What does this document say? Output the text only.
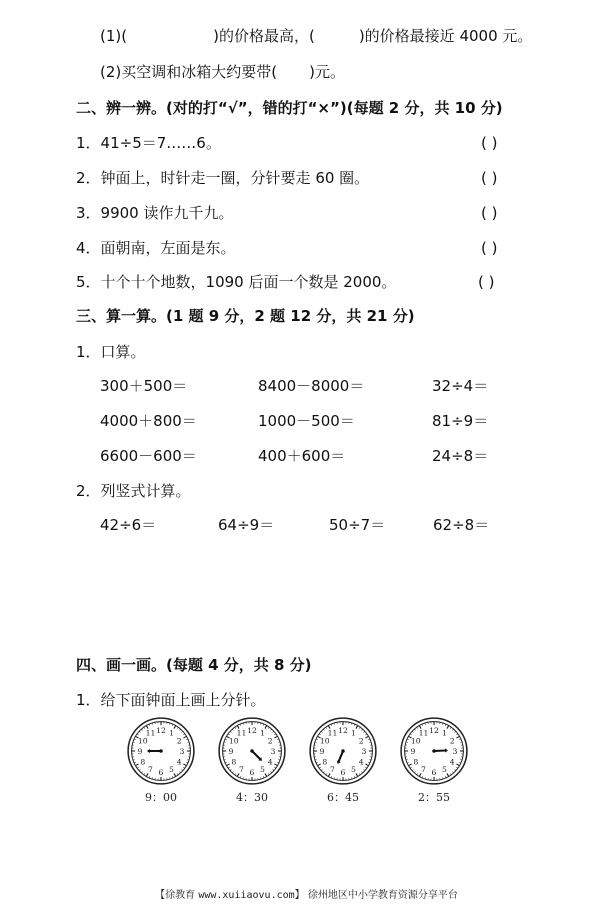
(1)(	)的价格最高，(	)的价格最接近 4000 元。
(2)买空调和冰箱大约要带( )元。
二、辨一辨。(对的打“√”，错的打“×”)(每题 2 分，共 10 分)
1．41÷5＝7……6。	( )
2．钟面上，时针走一圈，分针要走 60 圈。	( )
3．9900 读作九千九。	( )
4．面朝南，左面是东。	( )
5．十个十个地数，1090 后面一个数是 2000。	( )
三、算一算。(1 题 9 分，2 题 12 分，共 21 分)
1．口算。
300＋500＝	8400－8000＝	32÷4＝
4000＋800＝	1000－500＝	81÷9＝
6600－600＝	400＋600＝	24÷8＝
2．列竖式计算。
42÷6＝	64÷9＝	50÷7＝	62÷8＝
四、画一画。(每题 4 分，共 8 分)
1．给下面钟面上画上分针。
12 1
2
3
4
5
6
7
8
9
10
11	12 1
2
3
4
5
6
7
8
9
10
11	12 1
2
3
4
5
6
7
8
9
10
11	12 1
2
3
4
5
6
7
8
9
10
11
9：00	4：30	6：45	2：55
【徐教育 www.xuiiaovu.com】 徐州地区中小学教育资源分享平台
